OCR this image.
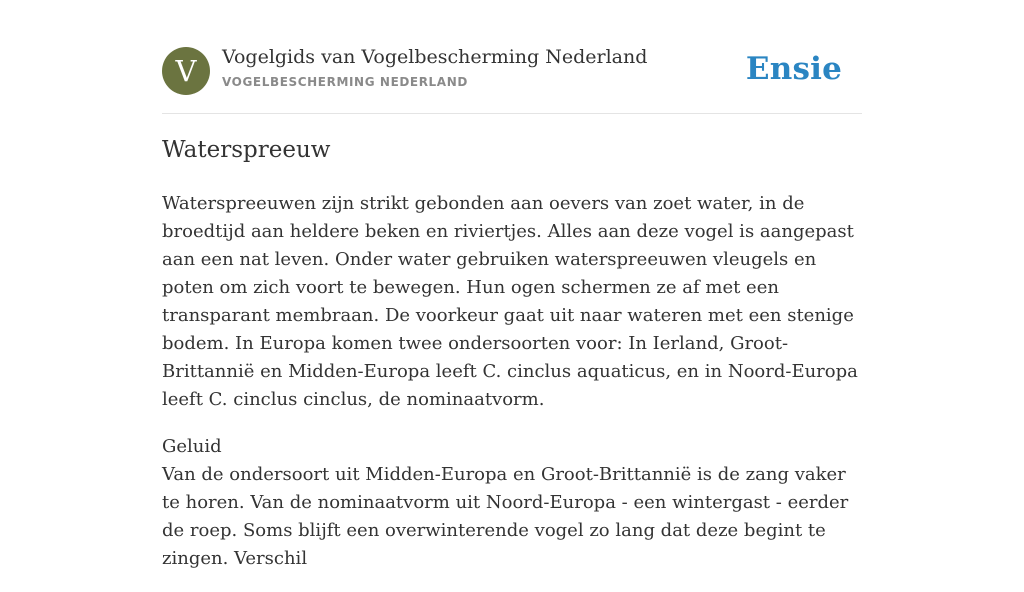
V	Vogelgids van Vogelbescherming Nederland
VOGELBESCHERMING NEDERLAND	Ensie
Waterspreeuw

Waterspreeuwen zijn strikt gebonden aan oevers van zoet water, in de broedtijd aan heldere beken en riviertjes. Alles aan deze vogel is aangepast aan een nat leven. Onder water gebruiken waterspreeuwen vleugels en poten om zich voort te bewegen. Hun ogen schermen ze af met een transparant membraan. De voorkeur gaat uit naar wateren met een stenige bodem. In Europa komen twee ondersoorten voor: In Ierland, Groot-Brittannië en Midden-Europa leeft C. cinclus aquaticus, en in Noord-Europa leeft C. cinclus cinclus, de nominaatvorm.

Geluid
Van de ondersoort uit Midden-Europa en Groot-Brittannië is de zang vaker te horen. Van de nominaatvorm uit Noord-Europa - een wintergast - eerder de roep. Soms blijft een overwinterende vogel zo lang dat deze begint te zingen. Verschil
